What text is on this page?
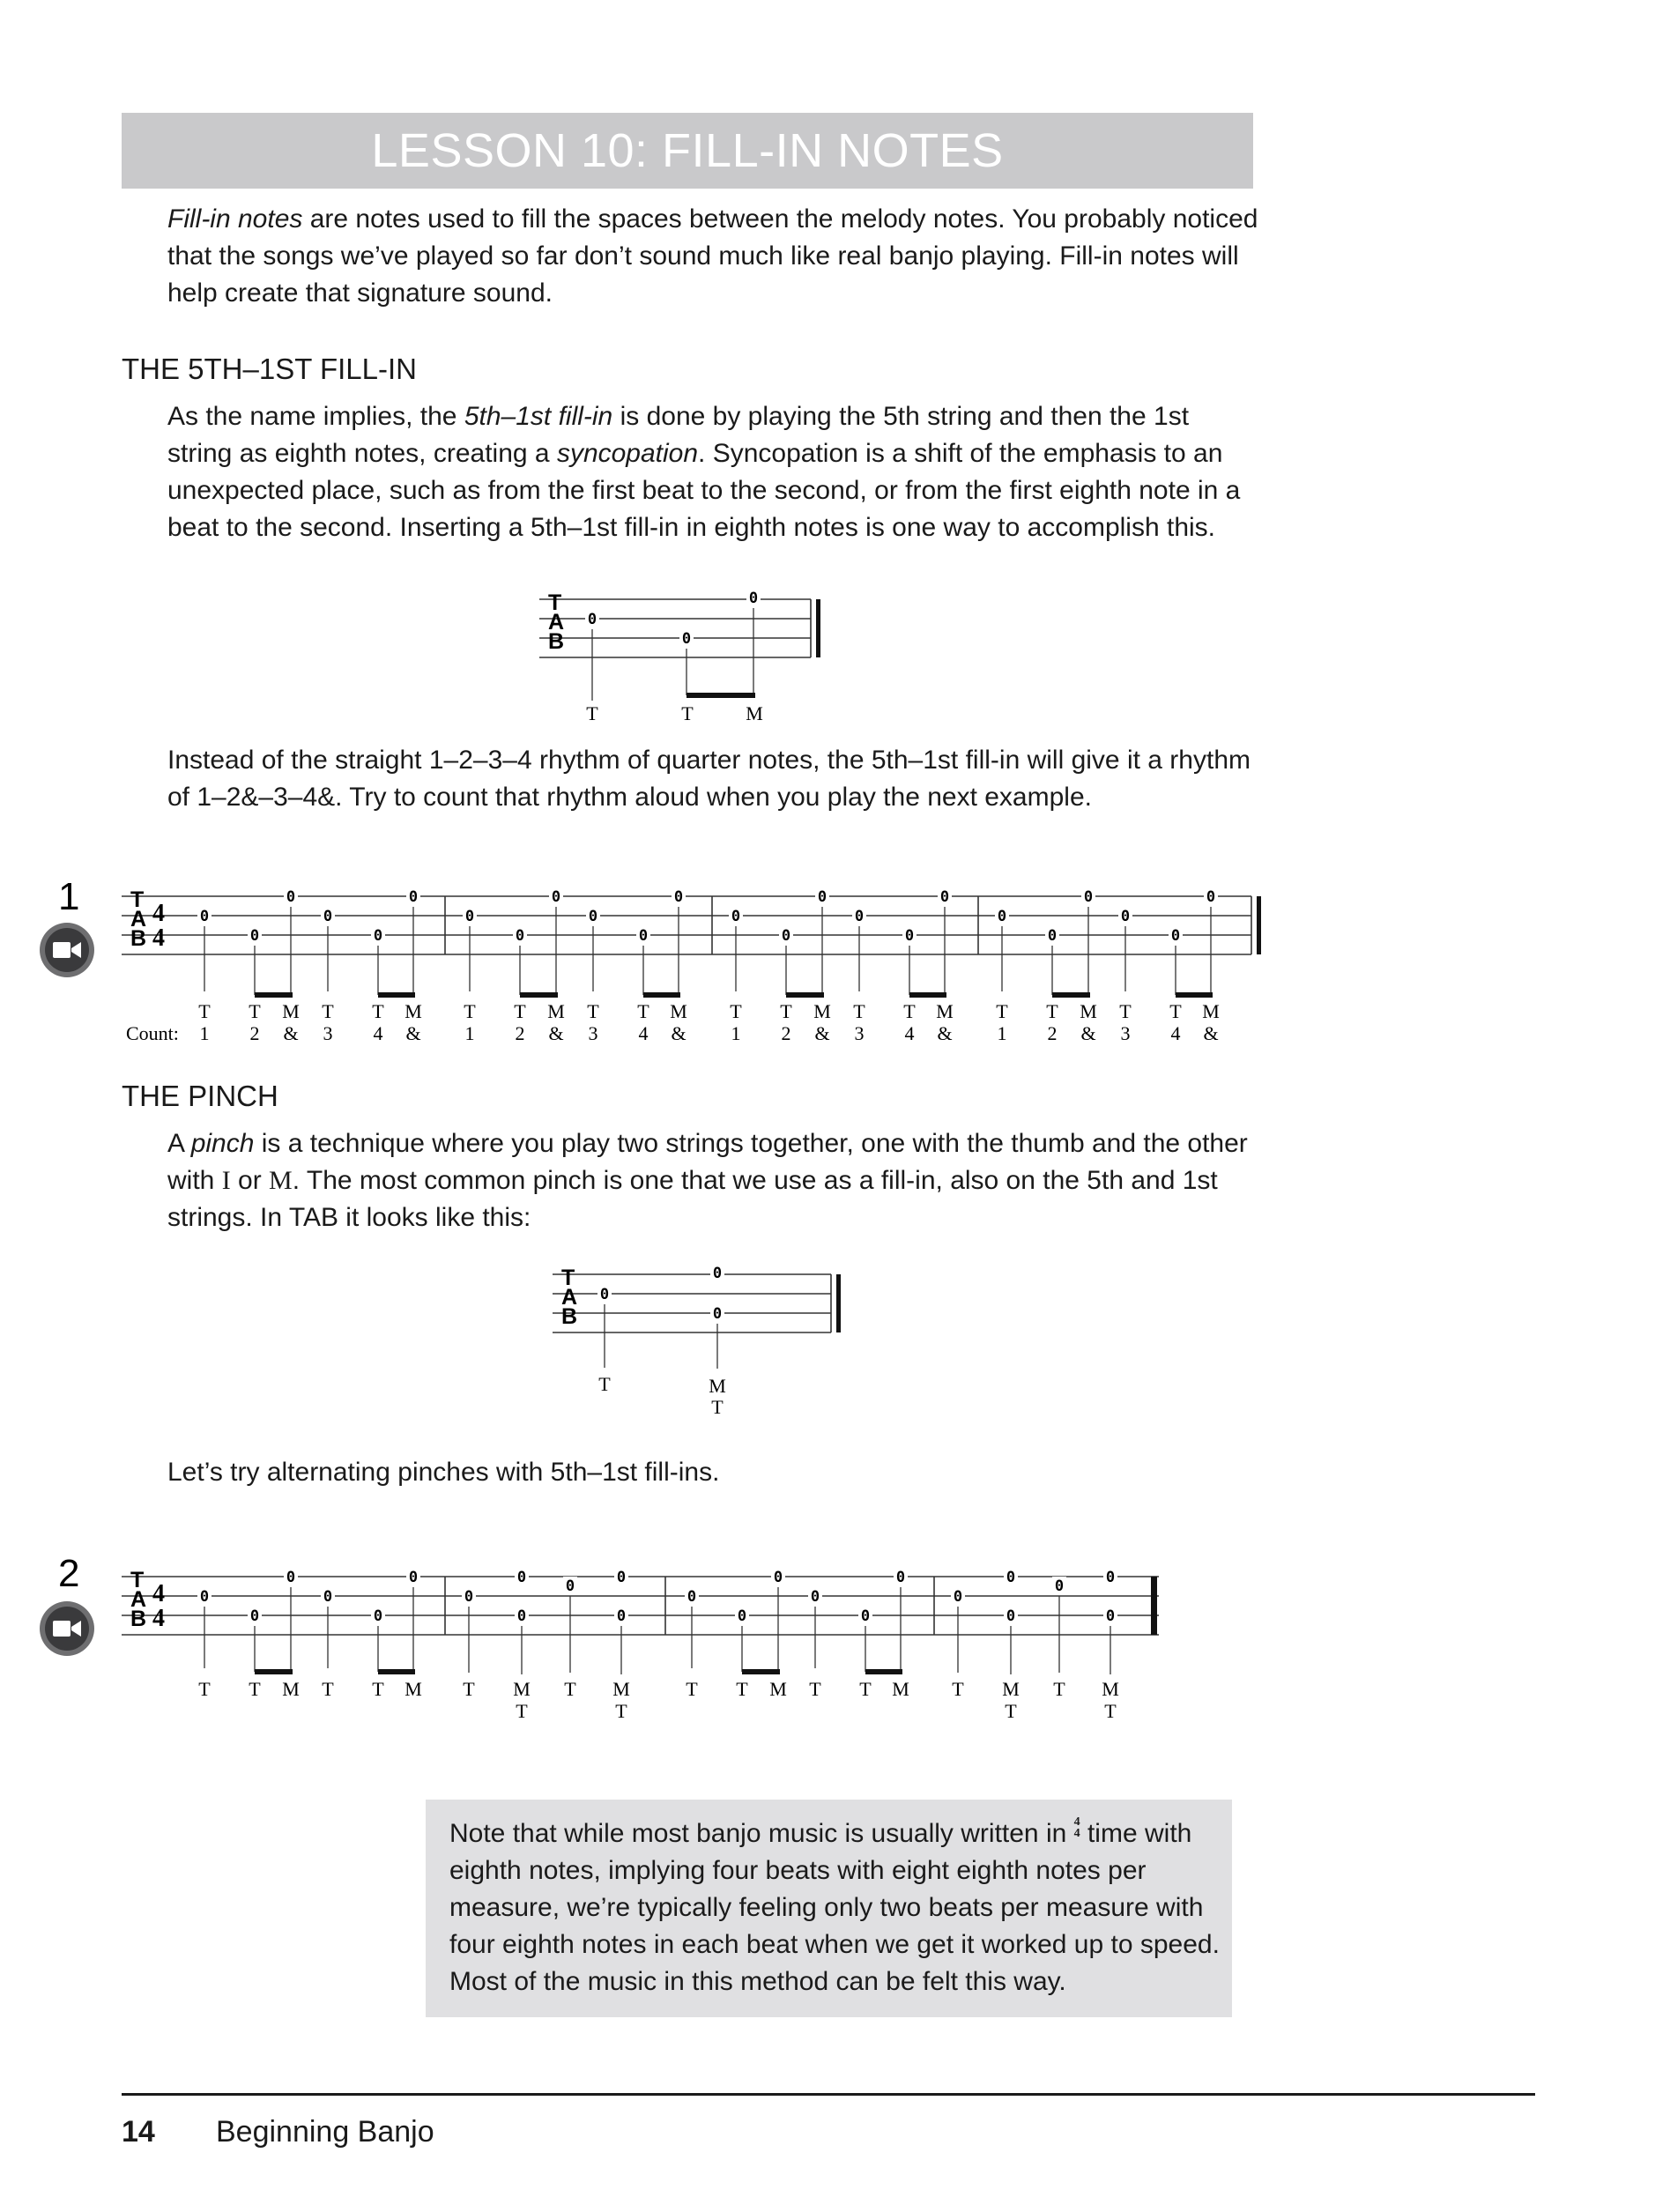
LESSON 10: FILL-IN NOTES

Fill-in notes are notes used to fill the spaces between the melody notes. You probably noticed that the songs we’ve played so far don’t sound much like real banjo playing. Fill-in notes will help create that signature sound.

THE 5TH–1ST FILL-IN

As the name implies, the 5th–1st fill-in is done by playing the 5th string and then the 1st string as eighth notes, creating a syncopation. Syncopation is a shift of the emphasis to an unexpected place, such as from the first beat to the second, or from the first eighth note in a beat to the second. Inserting a 5th–1st fill-in in eighth notes is one way to accomplish this.

Instead of the straight 1–2–3–4 rhythm of quarter notes, the 5th–1st fill-in will give it a rhythm of 1–2&–3–4&. Try to count that rhythm aloud when you play the next example.

THE PINCH

A pinch is a technique where you play two strings together, one with the thumb and the other with I or M. The most common pinch is one that we use as a fill-in, also on the 5th and 1st strings. In TAB it looks like this:

Let’s try alternating pinches with 5th–1st fill-ins.

T
A
B
0
T
0
0
T	M
1 T
A
B
4
4
0
0
0
0
0
0
T
1
T
2
M
&
T
3
T
4
M
&
0
0
0
0
0
0
T
1
T
2
M
&
T
3
T
4
M
&
0
0
0
0
0
0
T
1
T
2
M
&
T
3
T
4
M
&
0
0
0
0
0
0
T
1
T
2
M
&
T
3
T
4
M
&
Count:
T
A
B
0
T
0
0
M
T
2 T
A
B
4
4
0
0
0
0
0
0
T T M T T M
0
T
0
0
M
T
0
T
0
0
M
T
0
0
0
0
0
0
T T M T T M
0
T
0
0
M
T
0
T
0
0
M
T

Note that while most banjo music is usually written in 4
4 time with eighth notes, implying four beats with eight eighth notes per measure, we’re typically feeling only two beats per measure with four eighth notes in each beat when we get it worked up to speed. Most of the music in this method can be felt this way.

14 Beginning Banjo
